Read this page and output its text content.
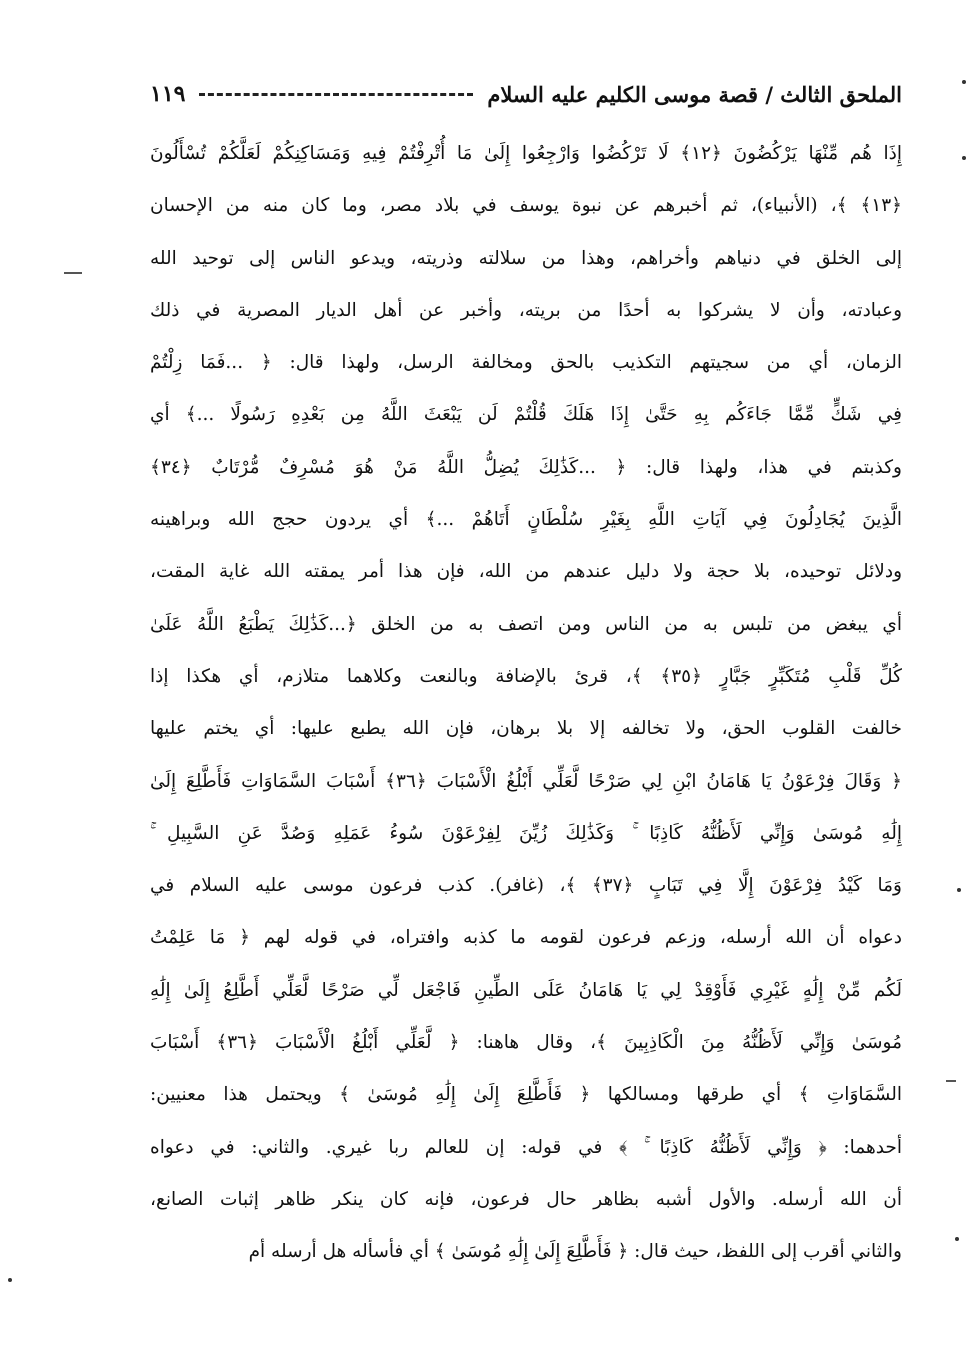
الملحق الثالث / قصة موسى الكليم عليه السلام
١١٩
إِذَا هُم مِّنْهَا يَرْكُضُونَ ﴿١٢﴾ لَا تَرْكُضُوا وَارْجِعُوا إِلَىٰ مَا أُتْرِفْتُمْ فِيهِ وَمَسَاكِنِكُمْ لَعَلَّكُمْ تُسْأَلُونَ
﴿١٣﴾ ﴾، (الأنبياء)، ثم أخبرهم عن نبوة يوسف في بلاد مصر، وما كان منه من الإحسان
إلى الخلق في دنياهم وأخراهم، وهذا من سلالته وذريته، ويدعو الناس إلى توحيد الله
وعبادته، وأن لا يشركوا به أحدًا من بريته، وأخبر عن أهل الديار المصرية في ذلك
الزمان، أي من سجيتهم التكذيب بالحق ومخالفة الرسل، ولهذا قال: ﴿ ...فَمَا زِلْتُمْ
فِي شَكٍّ مِّمَّا جَاءَكُم بِهِ حَتَّىٰ إِذَا هَلَكَ قُلْتُمْ لَن يَبْعَثَ اللَّهُ مِن بَعْدِهِ رَسُولًا ...﴾ أي
وكذبتم في هذا، ولهذا قال: ﴿ ...كَذَٰلِكَ يُضِلُّ اللَّهُ مَنْ هُوَ مُسْرِفٌ مُّرْتَابٌ ﴿٣٤﴾
الَّذِينَ يُجَادِلُونَ فِي آيَاتِ اللَّهِ بِغَيْرِ سُلْطَانٍ أَتَاهُمْ ...﴾ أي يردون حجج الله وبراهينه
ودلائل توحيده، بلا حجة ولا دليل عندهم من الله، فإن هذا أمر يمقته الله غاية المقت،
أي يبغض من تلبس به من الناس ومن اتصف به من الخلق ﴿...كَذَٰلِكَ يَطْبَعُ اللَّهُ عَلَىٰ
كُلِّ قَلْبِ مُتَكَبِّرٍ جَبَّارٍ ﴿٣٥﴾ ﴾، قرئ بالإضافة وبالنعت وكلاهما متلازم، أي هكذا إذا
خالفت القلوب الحق، ولا تخالفه إلا بلا برهان، فإن الله يطبع عليها: أي يختم عليها
﴿ وَقَالَ فِرْعَوْنُ يَا هَامَانُ ابْنِ لِي صَرْحًا لَّعَلِّي أَبْلُغُ الْأَسْبَابَ ﴿٣٦﴾ أَسْبَابَ السَّمَاوَاتِ فَأَطَّلِعَ إِلَىٰ
إِلَٰهِ مُوسَىٰ وَإِنِّي لَأَظُنُّهُ كَاذِبًا ۚ وَكَذَٰلِكَ زُيِّنَ لِفِرْعَوْنَ سُوءُ عَمَلِهِ وَصُدَّ عَنِ السَّبِيلِ ۚ
وَمَا كَيْدُ فِرْعَوْنَ إِلَّا فِي تَبَابٍ ﴿٣٧﴾ ﴾، (غافر). كذب فرعون موسى عليه السلام في
دعواه أن الله أرسله، وزعم فرعون لقومه ما كذبه وافتراه، في قوله لهم ﴿ مَا عَلِمْتُ
لَكُم مِّنْ إِلَٰهٍ غَيْرِي فَأَوْقِدْ لِي يَا هَامَانُ عَلَى الطِّينِ فَاجْعَل لِّي صَرْحًا لَّعَلِّي أَطَّلِعُ إِلَىٰ إِلَٰهِ
مُوسَىٰ وَإِنِّي لَأَظُنُّهُ مِنَ الْكَاذِبِينَ ﴾، وقال هاهنا: ﴿ لَّعَلِّي أَبْلُغُ الْأَسْبَابَ ﴿٣٦﴾ أَسْبَابَ
السَّمَاوَاتِ ﴾ أي طرقها ومسالكها ﴿ فَأَطَّلِعَ إِلَىٰ إِلَٰهِ مُوسَىٰ ﴾ ويحتمل هذا معنيين:
أحدهما: ﴿ وَإِنِّي لَأَظُنُّهُ كَاذِبًا ۚ ﴾ في قوله: إن للعالم ربا غيري. والثاني: في دعواه
أن الله أرسله. والأول أشبه بظاهر حال فرعون، فإنه كان ينكر ظاهر إثبات الصانع،
والثاني أقرب إلى اللفظ، حيث قال: ﴿ فَأَطَّلِعَ إِلَىٰ إِلَٰهِ مُوسَىٰ ﴾ أي فأسأله هل أرسله أم
